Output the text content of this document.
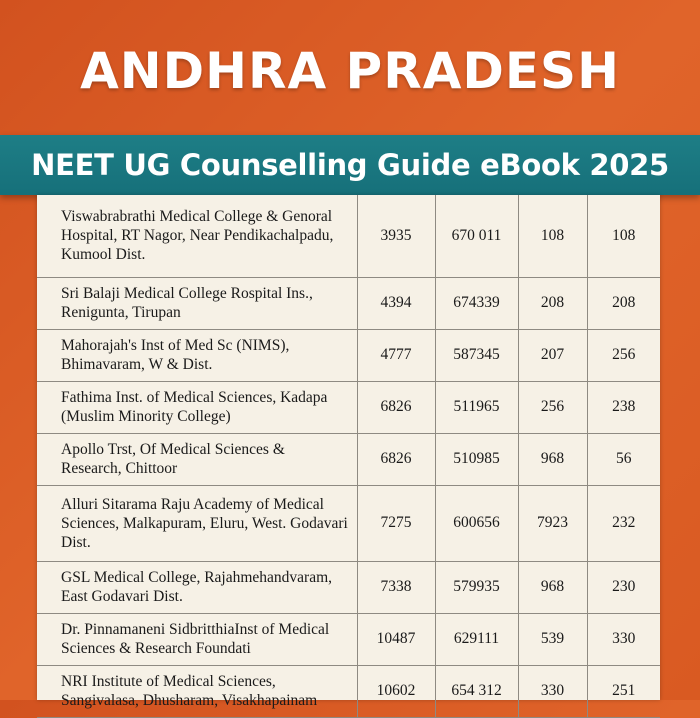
ANDHRA PRADESH
NEET UG Counselling Guide eBook 2025
Viswabrabrathi Medical College & Genoral Hospital, RT Nagor, Near Pendikachalpadu, Kumool Dist.	3935	670 011	108	108
Sri Balaji Medical College Rospital Ins., Renigunta, Tirupan	4394	674339	208	208
Mahorajah's Inst of Med Sc (NIMS), Bhimavaram, W & Dist.	4777	587345	207	256
Fathima Inst. of Medical Sciences, Kadapa (Muslim Minority College)	6826	511965	256	238
Apollo Trst, Of Medical Sciences & Research, Chittoor	6826	510985	968	56
Alluri Sitarama Raju Academy of Medical Sciences, Malkapuram, Eluru, West. Godavari Dist.	7275	600656	7923	232
GSL Medical College, Rajahmehandvaram, East Godavari Dist.	7338	579935	968	230
Dr. Pinnamaneni SidbritthiaInst of Medical Sciences & Research Foundati	10487	629111	539	330
NRI Institute of Medical Sciences, Sangivalasa, Dhusharam, Visakhapainam	10602	654 312	330	251
